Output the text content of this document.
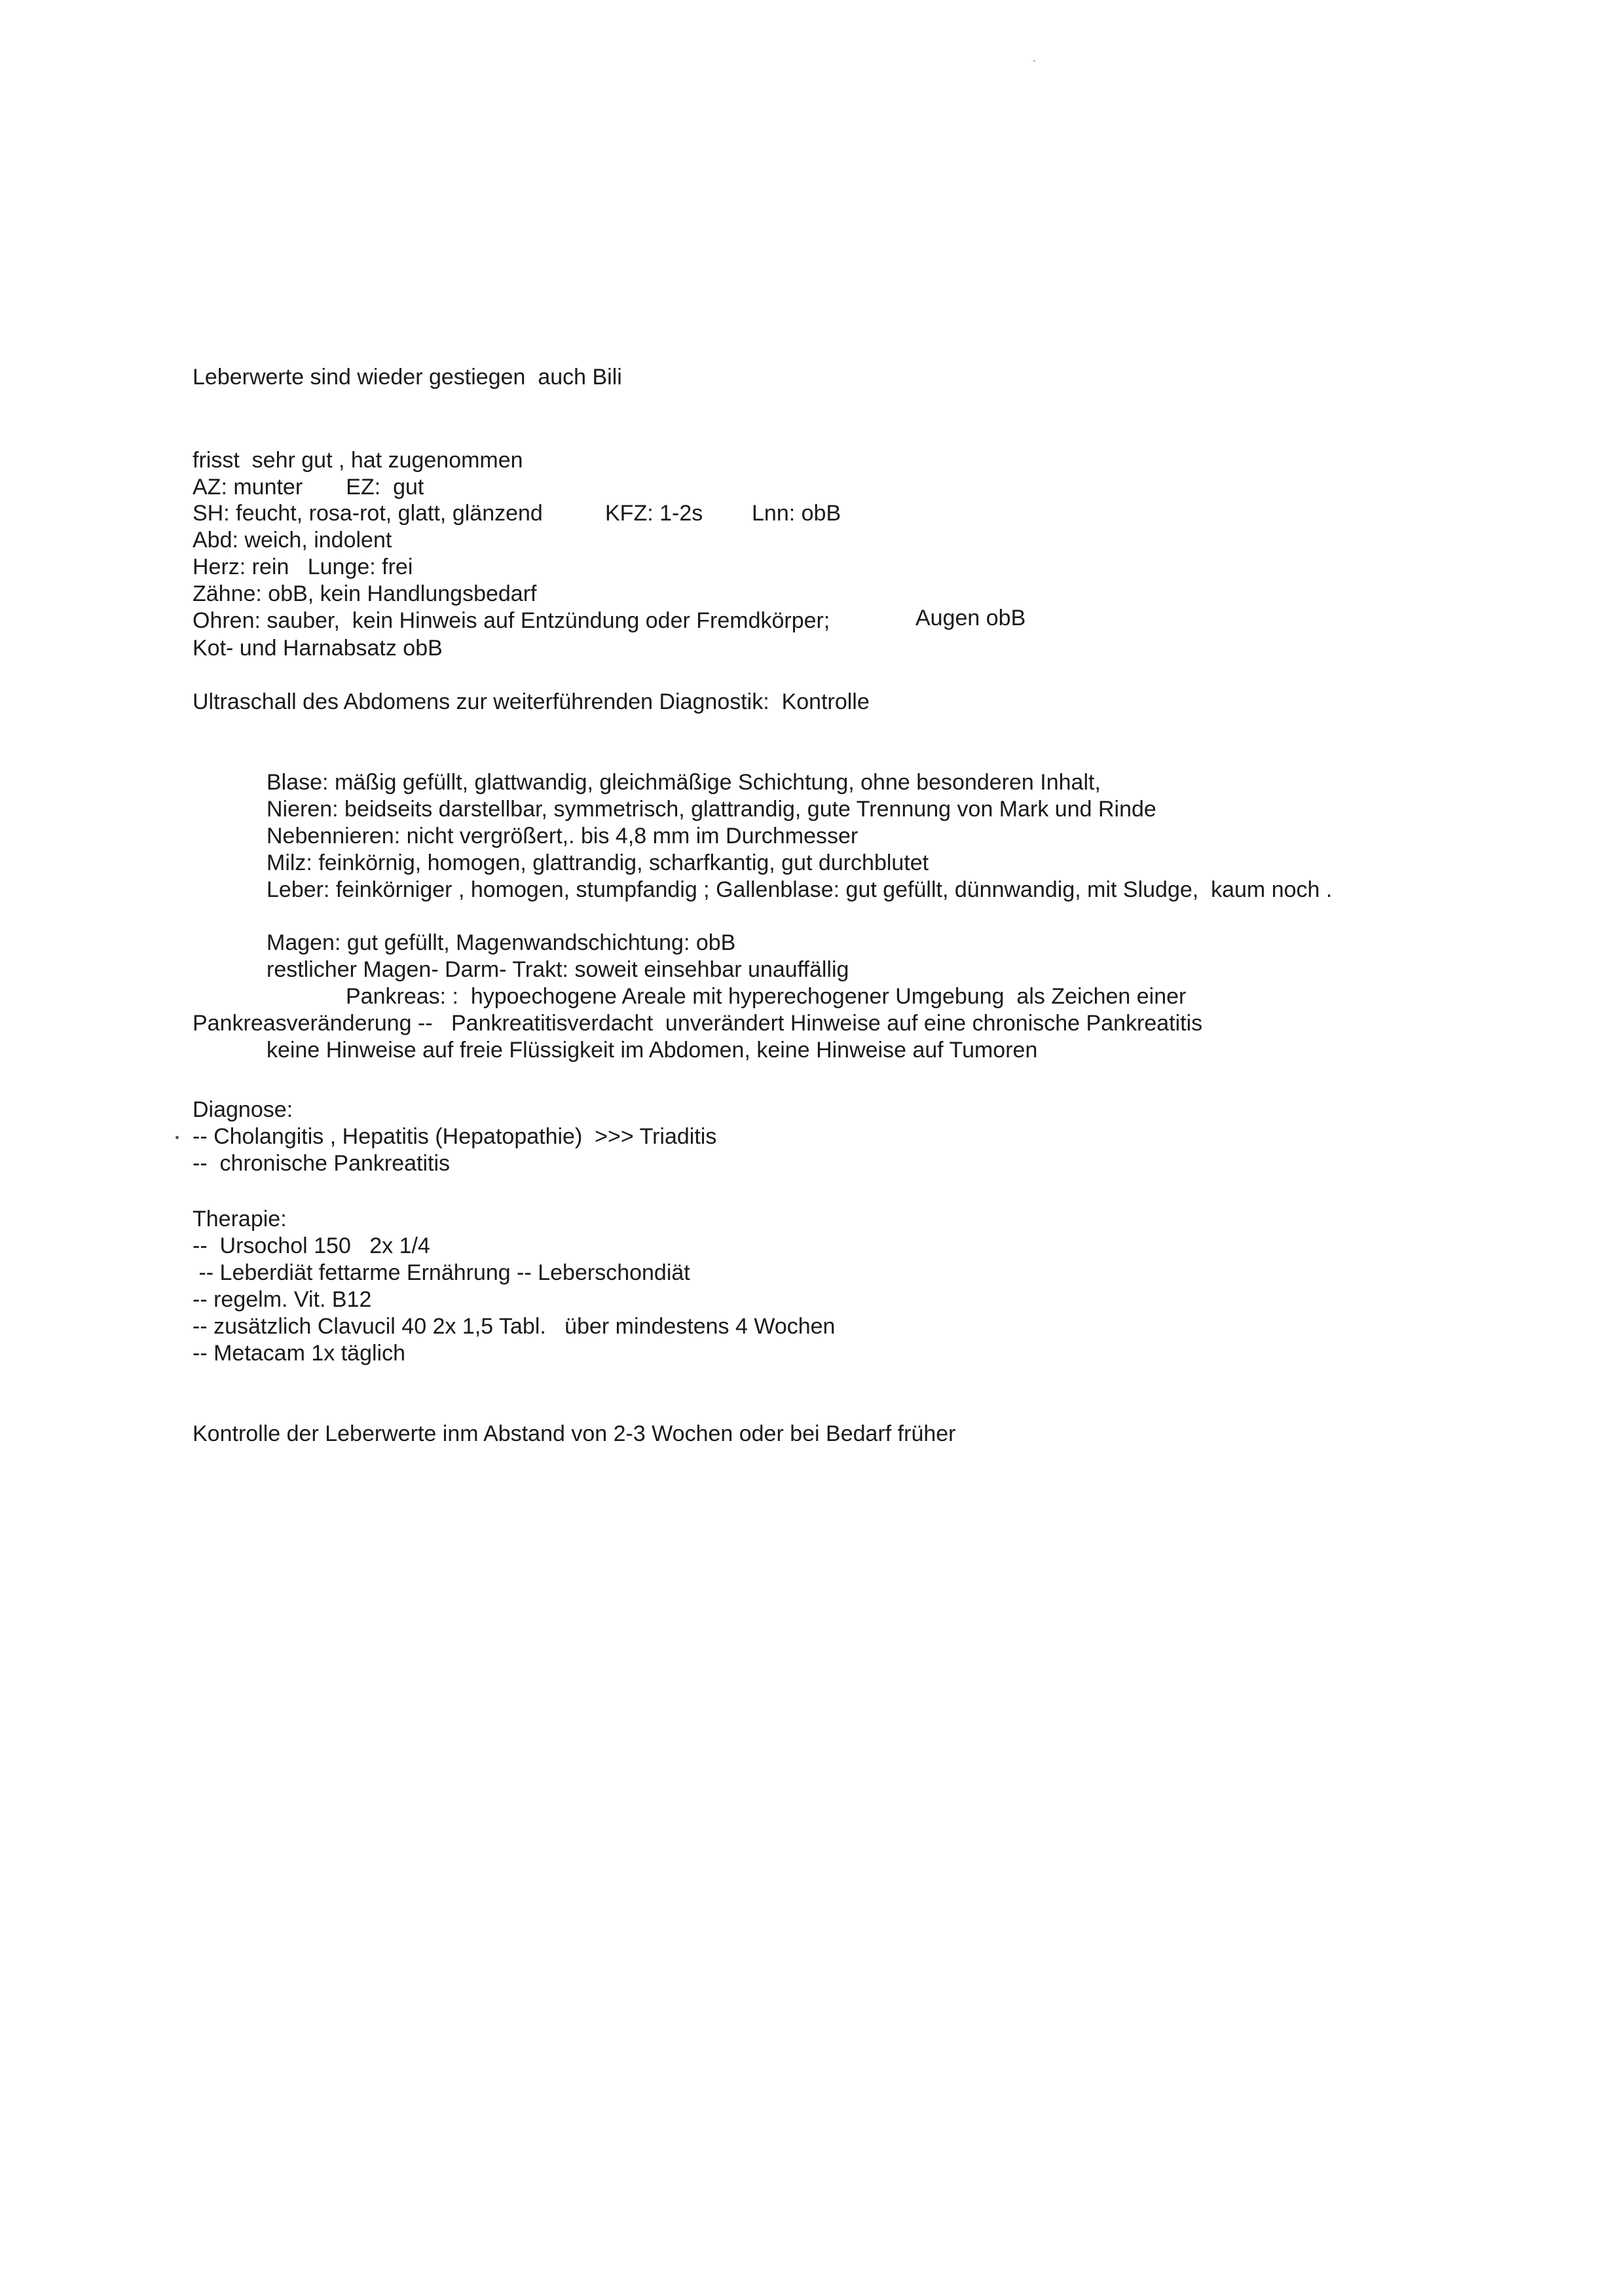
Leberwerte sind wieder gestiegen  auch Bili
frisst  sehr gut , hat zugenommen
AZ: munter       EZ:  gut
SH: feucht, rosa-rot, glatt, glänzend	KFZ: 1-2s Lnn: obB
Abd: weich, indolent
Herz: rein   Lunge: frei
Zähne: obB, kein Handlungsbedarf
Ohren: sauber,  kein Hinweis auf Entzündung oder Fremdkörper;	Augen obB
Kot- und Harnabsatz obB
Ultraschall des Abdomens zur weiterführenden Diagnostik:  Kontrolle
Blase: mäßig gefüllt, glattwandig, gleichmäßige Schichtung, ohne besonderen Inhalt,
Nieren: beidseits darstellbar, symmetrisch, glattrandig, gute Trennung von Mark und Rinde
Nebennieren: nicht vergrößert,. bis 4,8 mm im Durchmesser
Milz: feinkörnig, homogen, glattrandig, scharfkantig, gut durchblutet
Leber: feinkörniger , homogen, stumpfandig ; Gallenblase: gut gefüllt, dünnwandig, mit Sludge,  kaum noch .
Magen: gut gefüllt, Magenwandschichtung: obB
restlicher Magen- Darm- Trakt: soweit einsehbar unauffällig
Pankreas: :  hypoechogene Areale mit hyperechogener Umgebung  als Zeichen einer
Pankreasveränderung --   Pankreatitisverdacht  unverändert Hinweise auf eine chronische Pankreatitis
keine Hinweise auf freie Flüssigkeit im Abdomen, keine Hinweise auf Tumoren
Diagnose:
-- Cholangitis , Hepatitis (Hepatopathie)  >>> Triaditis
--  chronische Pankreatitis
Therapie:
--  Ursochol 150   2x 1/4
-- Leberdiät fettarme Ernährung -- Leberschondiät
-- regelm. Vit. B12
-- zusätzlich Clavucil 40 2x 1,5 Tabl.   über mindestens 4 Wochen
-- Metacam 1x täglich
Kontrolle der Leberwerte inm Abstand von 2-3 Wochen oder bei Bedarf früher
